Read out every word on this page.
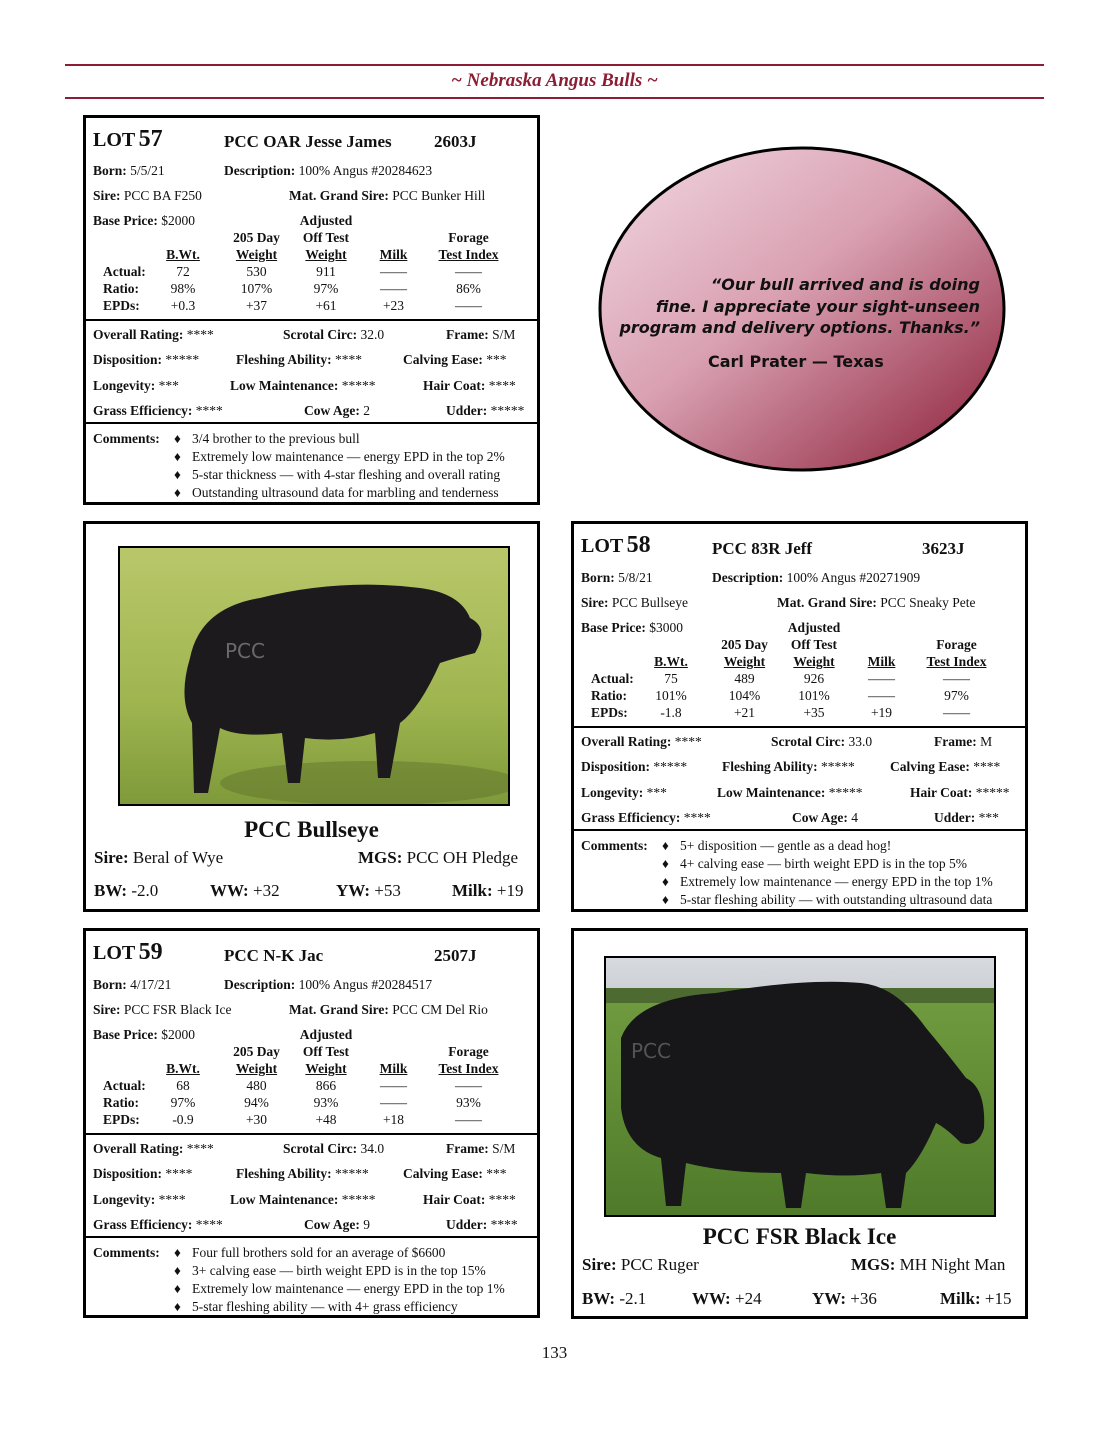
~ Nebraska Angus Bulls ~
LOT 57	PCC OAR Jesse James 2603J
Born: 5/5/21	Description: 100% Angus #20284623
Sire: PCC BA F250	Mat. Grand Sire: PCC Bunker Hill
Base Price: $2000	Adjusted
205 Day	Off Test	Forage
B.Wt.	Weight	Weight	Milk	Test Index
Actual:	72	530	911	——	——
Ratio:	98%	107%	97%	——	86%
EPDs:	+0.3	+37	+61	+23	——
Overall Rating: ****	Scrotal Circ: 32.0	Frame: S/M
Disposition: *****	Fleshing Ability: ****	Calving Ease: ***
Longevity: ***	Low Maintenance: *****	Hair Coat: ****
Grass Efficiency: ****	Cow Age: 2	Udder: *****
Comments: ♦ 3/4 brother to the previous bull
♦ Extremely low maintenance — energy EPD in the top 2%
♦ 5-star thickness — with 4-star fleshing and overall rating
♦ Outstanding ultrasound data for marbling and tenderness
“Our bull arrived and is doing
fine. I appreciate your sight-unseen
program and delivery options. Thanks.”
Carl Prater — Texas
PCC
PCC Bullseye
Sire: Beral of Wye	MGS: PCC OH Pledge
BW: -2.0	WW: +32	YW: +53	Milk: +19
LOT 58	PCC 83R Jeff	3623J
Born: 5/8/21	Description: 100% Angus #20271909
Sire: PCC Bullseye	Mat. Grand Sire: PCC Sneaky Pete
Base Price: $3000	Adjusted
205 Day	Off Test	Forage
B.Wt.	Weight	Weight	Milk	Test Index
Actual:	75	489	926	——	——
Ratio:	101%	104%	101%	——	97%
EPDs:	-1.8	+21	+35	+19	——
Overall Rating: ****	Scrotal Circ: 33.0	Frame: M
Disposition: *****	Fleshing Ability: *****	Calving Ease: ****
Longevity: ***	Low Maintenance: *****	Hair Coat: *****
Grass Efficiency: ****	Cow Age: 4	Udder: ***
Comments: ♦ 5+ disposition — gentle as a dead hog!
♦ 4+ calving ease — birth weight EPD is in the top 5%
♦ Extremely low maintenance — energy EPD in the top 1%
♦ 5-star fleshing ability — with outstanding ultrasound data
LOT 59	PCC N-K Jac	2507J
Born: 4/17/21	Description: 100% Angus #20284517
Sire: PCC FSR Black Ice	Mat. Grand Sire: PCC CM Del Rio
Base Price: $2000	Adjusted
205 Day	Off Test	Forage
B.Wt.	Weight	Weight	Milk	Test Index
Actual:	68	480	866	——	——
Ratio:	97%	94%	93%	——	93%
EPDs:	-0.9	+30	+48	+18	——
Overall Rating: ****	Scrotal Circ: 34.0	Frame: S/M
Disposition: ****	Fleshing Ability: *****	Calving Ease: ***
Longevity: ****	Low Maintenance: *****	Hair Coat: ****
Grass Efficiency: ****	Cow Age: 9	Udder: ****
Comments: ♦ Four full brothers sold for an average of $6600
♦ 3+ calving ease — birth weight EPD is in the top 15%
♦ Extremely low maintenance — energy EPD in the top 1%
♦ 5-star fleshing ability — with 4+ grass efficiency
PCC
PCC FSR Black Ice
Sire: PCC Ruger	MGS: MH Night Man
BW: -2.1	WW: +24	YW: +36	Milk: +15
133
